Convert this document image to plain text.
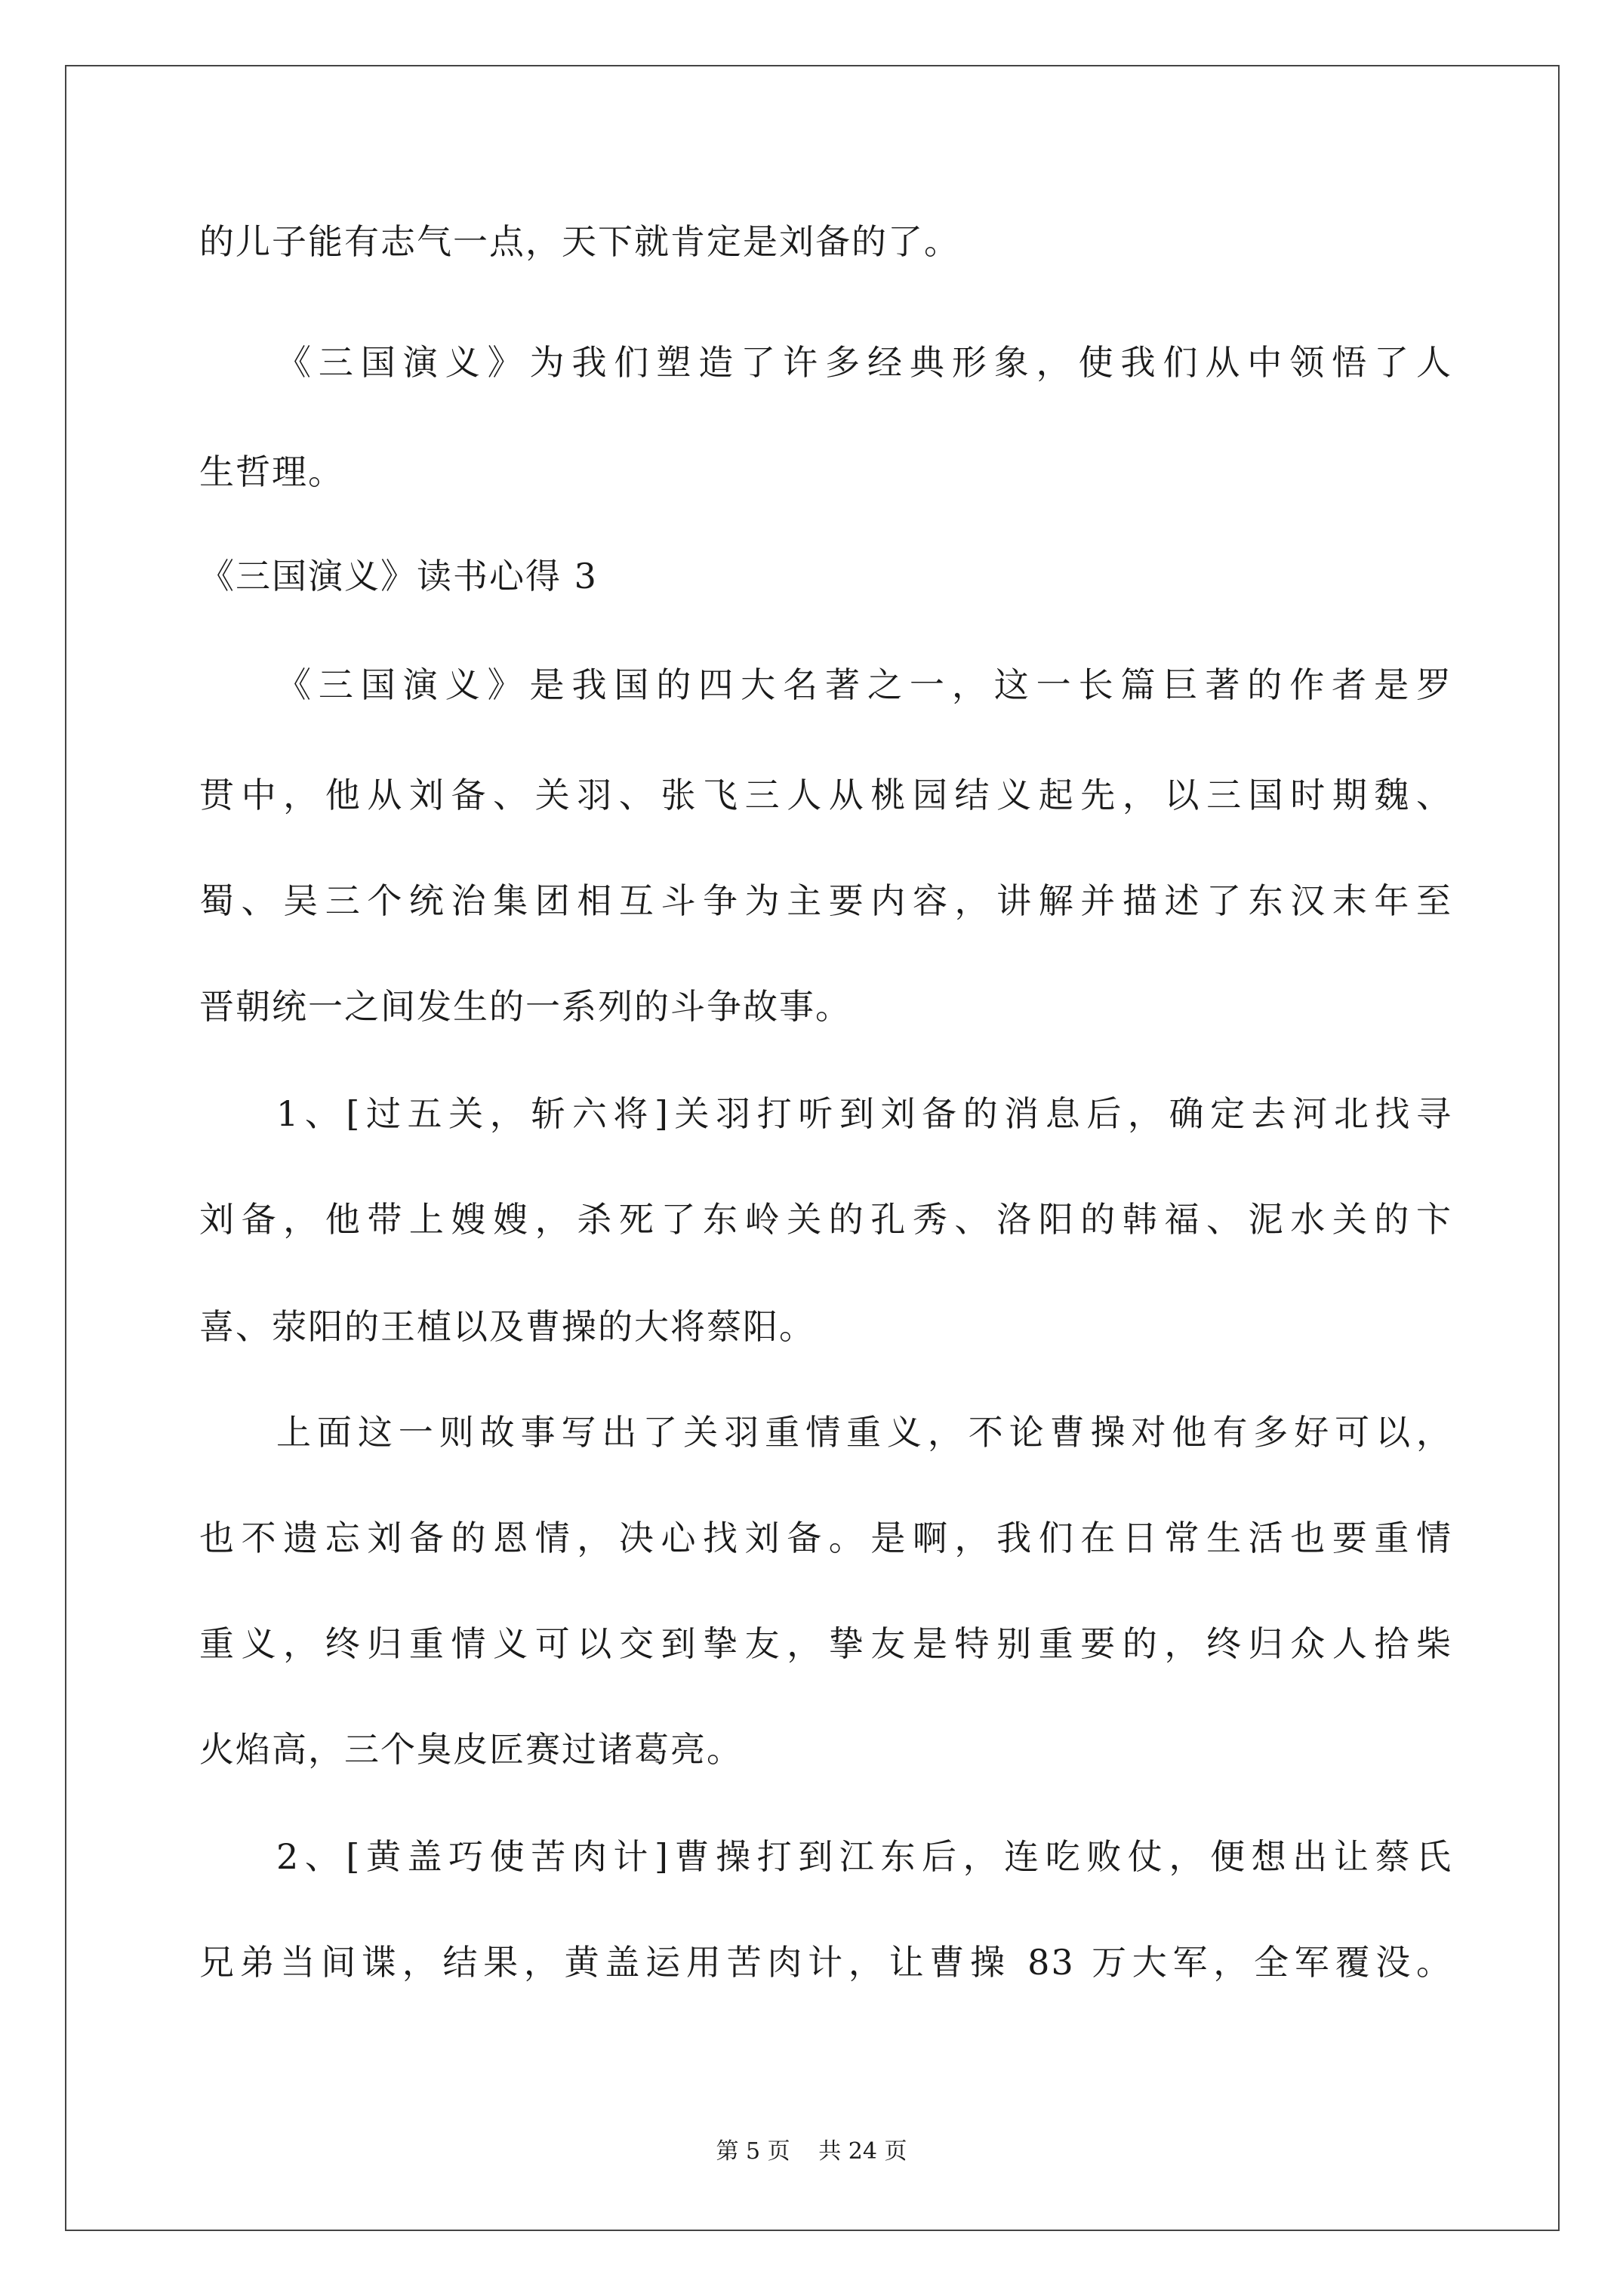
的儿子能有志气一点，天下就肯定是刘备的了。
《三国演义》为我们塑造了许多经典形象，使我们从中领悟了人
生哲理。
《三国演义》读书心得 3
《三国演义》是我国的四大名著之一，这一长篇巨著的作者是罗
贯中，他从刘备、关羽、张飞三人从桃园结义起先，以三国时期魏、
蜀、吴三个统治集团相互斗争为主要内容，讲解并描述了东汉末年至
晋朝统一之间发生的一系列的斗争故事。
1、[过五关，斩六将]关羽打听到刘备的消息后，确定去河北找寻
刘备，他带上嫂嫂，杀死了东岭关的孔秀、洛阳的韩福、泥水关的卞
喜、荥阳的王植以及曹操的大将蔡阳。
上面这一则故事写出了关羽重情重义，不论曹操对他有多好可以，
也不遗忘刘备的恩情，决心找刘备。是啊，我们在日常生活也要重情
重义，终归重情义可以交到挚友，挚友是特别重要的，终归众人拾柴
火焰高，三个臭皮匠赛过诸葛亮。
2、[黄盖巧使苦肉计]曹操打到江东后，连吃败仗，便想出让蔡氏
兄弟当间谍，结果，黄盖运用苦肉计，让曹操 83 万大军，全军覆没。
第 5 页 共 24 页
